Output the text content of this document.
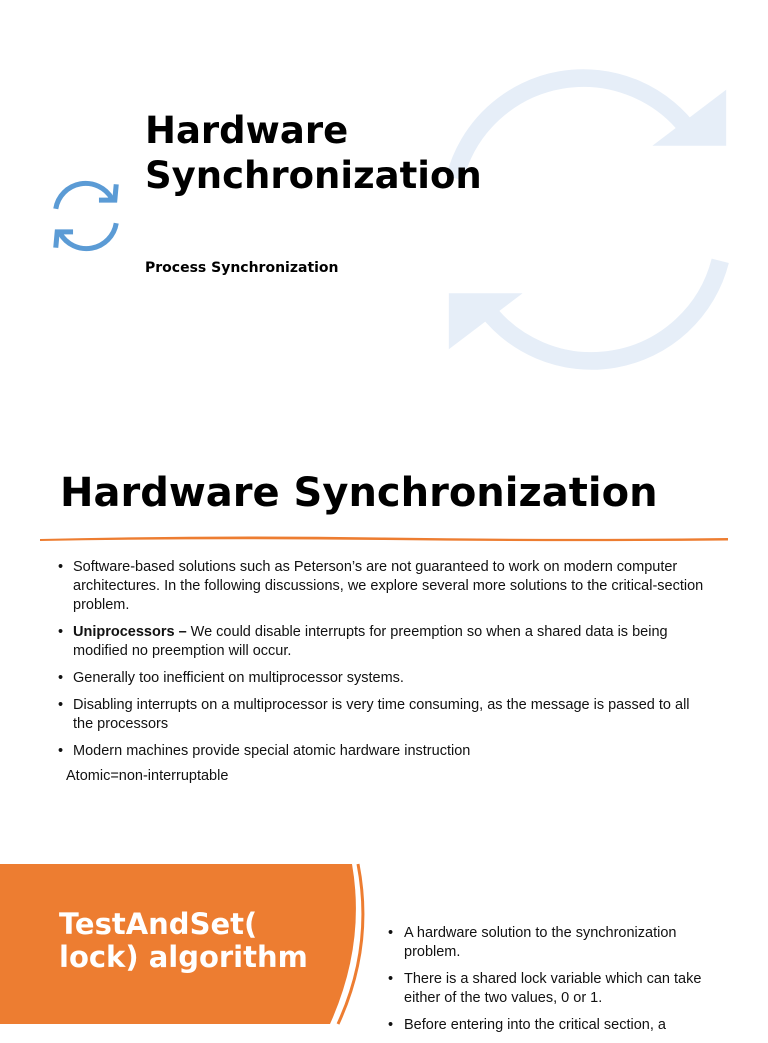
Hardware Synchronization

Process Synchronization

Hardware Synchronization
• Software-based solutions such as Peterson’s are not guaranteed to work on modern computer architectures. In the following discussions, we explore several more solutions to the critical-section problem.
• Uniprocessors – We could disable interrupts for preemption so when a shared data is being modified no preemption will occur.
• Generally too inefficient on multiprocessor systems.
• Disabling interrupts on a multiprocessor is very time consuming, as the message is passed to all the processors
• Modern machines provide special atomic hardware instruction

Atomic=non-interruptable

TestAndSet( lock) algorithm
• A hardware solution to the synchronization problem.
• There is a shared lock variable which can take either of the two values, 0 or 1.
• Before entering into the critical section, a
